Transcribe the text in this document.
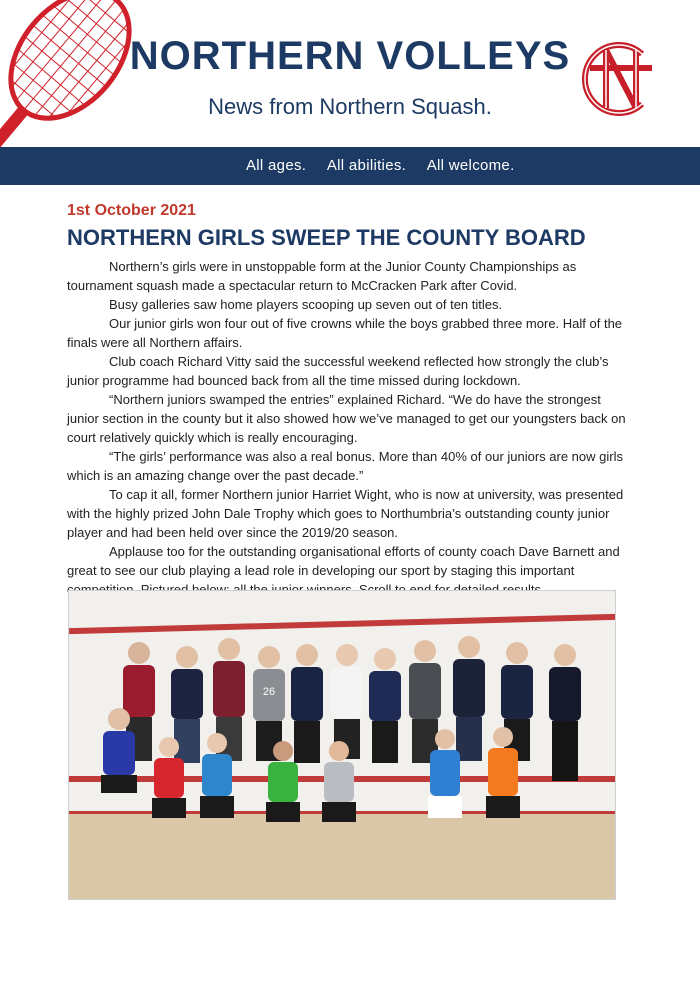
NORTHERN VOLLEYS
News from Northern Squash.
All ages. All abilities. All welcome.
1st October 2021
NORTHERN GIRLS SWEEP THE COUNTY BOARD

Northern’s girls were in unstoppable form at the Junior County Championships as tournament squash made a spectacular return to McCracken Park after Covid.

Busy galleries saw home players scooping up seven out of ten titles.

Our junior girls won four out of five crowns while the boys grabbed three more. Half of the finals were all Northern affairs.

Club coach Richard Vitty said the successful weekend reflected how strongly the club’s junior programme had bounced back from all the time missed during lockdown.

“Northern juniors swamped the entries” explained Richard. “We do have the strongest junior section in the county but it also showed how we’ve managed to get our youngsters back on court relatively quickly which is really encouraging.

“The girls’ performance was also a real bonus. More than 40% of our juniors are now girls which is an amazing change over the past decade.”

To cap it all, former Northern junior Harriet Wight, who is now at university, was presented with the highly prized John Dale Trophy which goes to Northumbria’s outstanding county junior player and had been held over since the 2019/20 season.

Applause too for the outstanding organisational efforts of county coach Dave Barnett and great to see our club playing a lead role in developing our sport by staging this important

26
